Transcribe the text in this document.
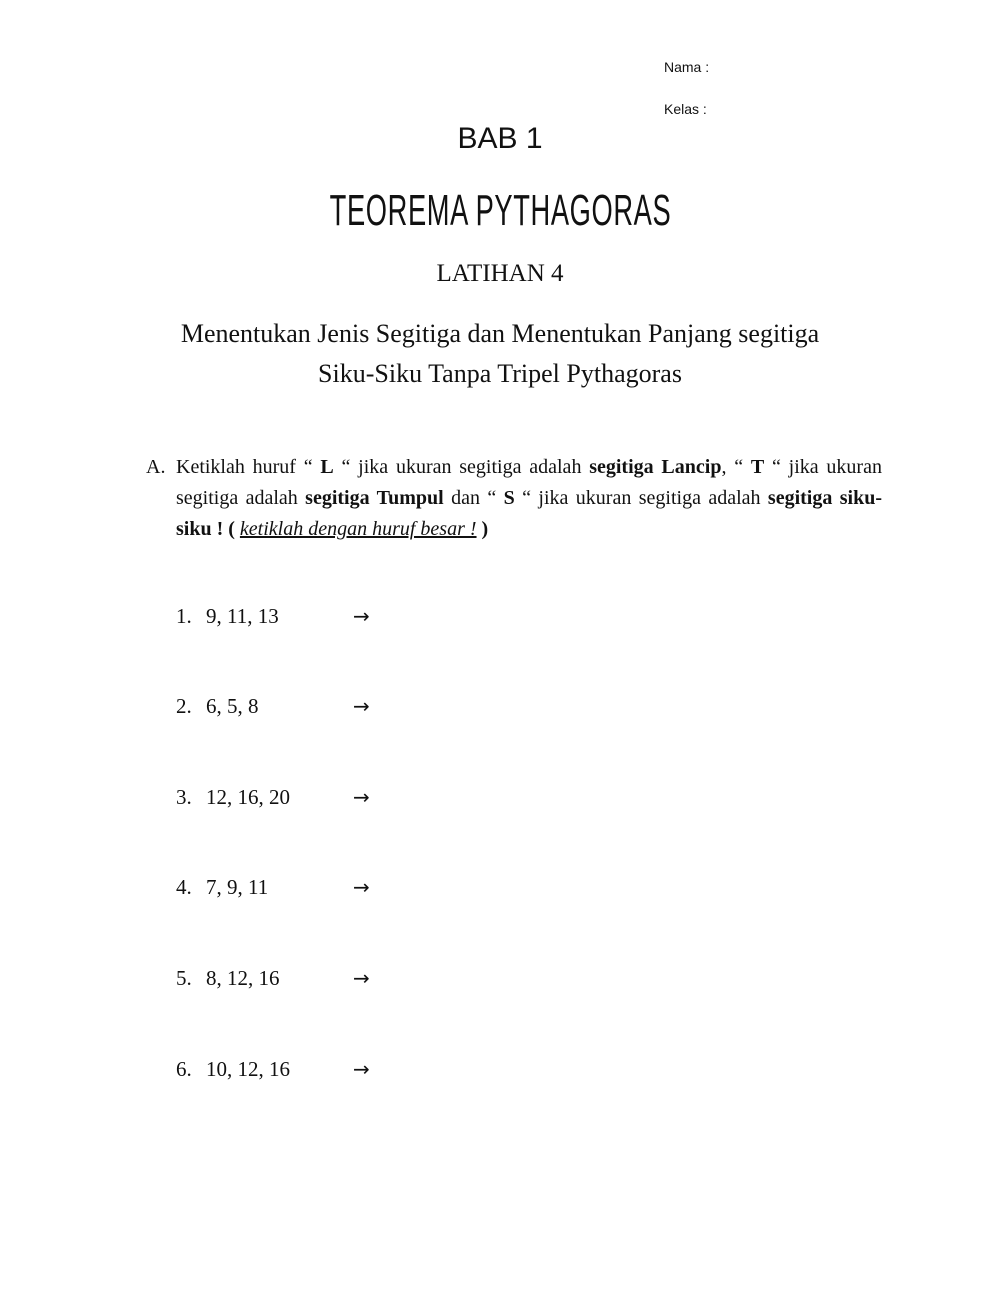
Nama :
Kelas :
BAB 1
TEOREMA PYTHAGORAS
LATIHAN 4
Menentukan Jenis Segitiga dan Menentukan Panjang segitiga
Siku-Siku Tanpa Tripel Pythagoras
A. Ketiklah huruf “ L “ jika ukuran segitiga adalah segitiga Lancip, “ T “ jika ukuran segitiga adalah segitiga Tumpul dan “ S “ jika ukuran segitiga adalah segitiga siku-siku ! ( ketiklah dengan huruf besar ! )
1. 9, 11, 13	→
2. 6, 5, 8	→
3. 12, 16, 20	→
4. 7, 9, 11	→
5. 8, 12, 16	→
6. 10, 12, 16	→
